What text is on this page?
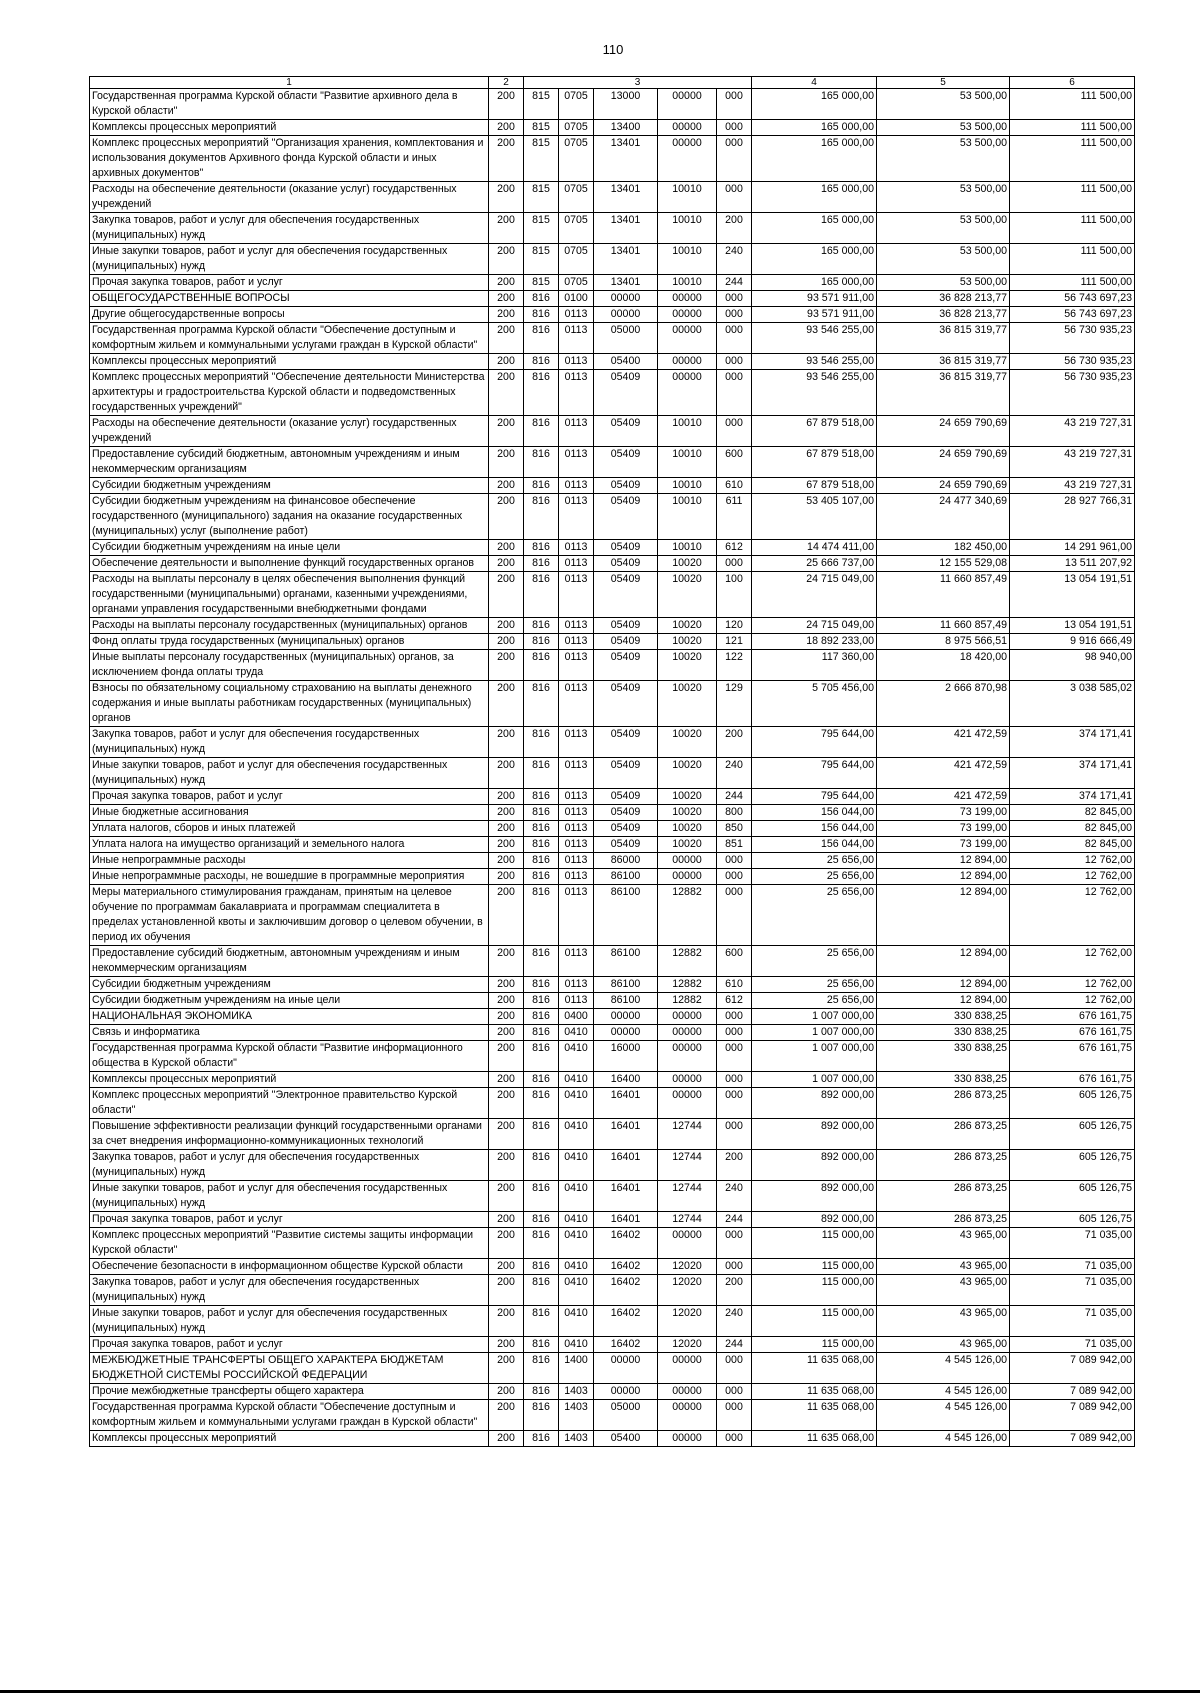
110
1	2	3					4	5	6
Государственная программа Курской области "Развитие архивного дела в Курской области"	200	815	0705	13000	00000	000	165 000,00	53 500,00	111 500,00
Комплексы процессных мероприятий	200	815	0705	13400	00000	000	165 000,00	53 500,00	111 500,00
Комплекс процессных мероприятий "Организация хранения, комплектования и использования документов Архивного фонда Курской области и иных архивных документов"	200	815	0705	13401	00000	000	165 000,00	53 500,00	111 500,00
Расходы на обеспечение деятельности (оказание услуг) государственных учреждений	200	815	0705	13401	10010	000	165 000,00	53 500,00	111 500,00
Закупка товаров, работ и услуг для обеспечения государственных (муниципальных) нужд	200	815	0705	13401	10010	200	165 000,00	53 500,00	111 500,00
Иные закупки товаров, работ и услуг для обеспечения государственных (муниципальных) нужд	200	815	0705	13401	10010	240	165 000,00	53 500,00	111 500,00
Прочая закупка товаров, работ и услуг	200	815	0705	13401	10010	244	165 000,00	53 500,00	111 500,00
ОБЩЕГОСУДАРСТВЕННЫЕ ВОПРОСЫ	200	816	0100	00000	00000	000	93 571 911,00	36 828 213,77	56 743 697,23
Другие общегосударственные вопросы	200	816	0113	00000	00000	000	93 571 911,00	36 828 213,77	56 743 697,23
Государственная программа Курской области "Обеспечение доступным и комфортным жильем и коммунальными услугами граждан в Курской области"	200	816	0113	05000	00000	000	93 546 255,00	36 815 319,77	56 730 935,23
Комплексы процессных мероприятий	200	816	0113	05400	00000	000	93 546 255,00	36 815 319,77	56 730 935,23
Комплекс процессных мероприятий "Обеспечение деятельности Министерства архитектуры и градостроительства Курской области и подведомственных государственных учреждений"	200	816	0113	05409	00000	000	93 546 255,00	36 815 319,77	56 730 935,23
Расходы на обеспечение деятельности (оказание услуг) государственных учреждений	200	816	0113	05409	10010	000	67 879 518,00	24 659 790,69	43 219 727,31
Предоставление субсидий бюджетным, автономным учреждениям и иным некоммерческим организациям	200	816	0113	05409	10010	600	67 879 518,00	24 659 790,69	43 219 727,31
Субсидии бюджетным учреждениям	200	816	0113	05409	10010	610	67 879 518,00	24 659 790,69	43 219 727,31
Субсидии бюджетным учреждениям на финансовое обеспечение государственного (муниципального) задания на оказание государственных (муниципальных) услуг (выполнение работ)	200	816	0113	05409	10010	611	53 405 107,00	24 477 340,69	28 927 766,31
Субсидии бюджетным учреждениям на иные цели	200	816	0113	05409	10010	612	14 474 411,00	182 450,00	14 291 961,00
Обеспечение деятельности и выполнение функций государственных органов	200	816	0113	05409	10020	000	25 666 737,00	12 155 529,08	13 511 207,92
Расходы на выплаты персоналу в целях обеспечения выполнения функций государственными (муниципальными) органами, казенными учреждениями, органами управления государственными внебюджетными фондами	200	816	0113	05409	10020	100	24 715 049,00	11 660 857,49	13 054 191,51
Расходы на выплаты персоналу государственных (муниципальных) органов	200	816	0113	05409	10020	120	24 715 049,00	11 660 857,49	13 054 191,51
Фонд оплаты труда государственных (муниципальных) органов	200	816	0113	05409	10020	121	18 892 233,00	8 975 566,51	9 916 666,49
Иные выплаты персоналу государственных (муниципальных) органов, за исключением фонда оплаты труда	200	816	0113	05409	10020	122	117 360,00	18 420,00	98 940,00
Взносы по обязательному социальному страхованию на выплаты денежного содержания и иные выплаты работникам государственных (муниципальных) органов	200	816	0113	05409	10020	129	5 705 456,00	2 666 870,98	3 038 585,02
Закупка товаров, работ и услуг для обеспечения государственных (муниципальных) нужд	200	816	0113	05409	10020	200	795 644,00	421 472,59	374 171,41
Иные закупки товаров, работ и услуг для обеспечения государственных (муниципальных) нужд	200	816	0113	05409	10020	240	795 644,00	421 472,59	374 171,41
Прочая закупка товаров, работ и услуг	200	816	0113	05409	10020	244	795 644,00	421 472,59	374 171,41
Иные бюджетные ассигнования	200	816	0113	05409	10020	800	156 044,00	73 199,00	82 845,00
Уплата налогов, сборов и иных платежей	200	816	0113	05409	10020	850	156 044,00	73 199,00	82 845,00
Уплата налога на имущество организаций и земельного налога	200	816	0113	05409	10020	851	156 044,00	73 199,00	82 845,00
Иные непрограммные расходы	200	816	0113	86000	00000	000	25 656,00	12 894,00	12 762,00
Иные непрограммные расходы, не вошедшие в программные мероприятия	200	816	0113	86100	00000	000	25 656,00	12 894,00	12 762,00
Меры материального стимулирования гражданам, принятым на целевое обучение по программам бакалавриата и программам специалитета в пределах установленной квоты и заключившим договор о целевом обучении, в период их обучения	200	816	0113	86100	12882	000	25 656,00	12 894,00	12 762,00
Предоставление субсидий бюджетным, автономным учреждениям и иным некоммерческим организациям	200	816	0113	86100	12882	600	25 656,00	12 894,00	12 762,00
Субсидии бюджетным учреждениям	200	816	0113	86100	12882	610	25 656,00	12 894,00	12 762,00
Субсидии бюджетным учреждениям на иные цели	200	816	0113	86100	12882	612	25 656,00	12 894,00	12 762,00
НАЦИОНАЛЬНАЯ ЭКОНОМИКА	200	816	0400	00000	00000	000	1 007 000,00	330 838,25	676 161,75
Связь и информатика	200	816	0410	00000	00000	000	1 007 000,00	330 838,25	676 161,75
Государственная программа Курской области "Развитие информационного общества в Курской области"	200	816	0410	16000	00000	000	1 007 000,00	330 838,25	676 161,75
Комплексы процессных мероприятий	200	816	0410	16400	00000	000	1 007 000,00	330 838,25	676 161,75
Комплекс процессных мероприятий "Электронное правительство Курской области"	200	816	0410	16401	00000	000	892 000,00	286 873,25	605 126,75
Повышение эффективности реализации функций государственными органами за счет внедрения информационно-коммуникационных технологий	200	816	0410	16401	12744	000	892 000,00	286 873,25	605 126,75
Закупка товаров, работ и услуг для обеспечения государственных (муниципальных) нужд	200	816	0410	16401	12744	200	892 000,00	286 873,25	605 126,75
Иные закупки товаров, работ и услуг для обеспечения государственных (муниципальных) нужд	200	816	0410	16401	12744	240	892 000,00	286 873,25	605 126,75
Прочая закупка товаров, работ и услуг	200	816	0410	16401	12744	244	892 000,00	286 873,25	605 126,75
Комплекс процессных мероприятий "Развитие системы защиты информации Курской области"	200	816	0410	16402	00000	000	115 000,00	43 965,00	71 035,00
Обеспечение безопасности в информационном обществе Курской области	200	816	0410	16402	12020	000	115 000,00	43 965,00	71 035,00
Закупка товаров, работ и услуг для обеспечения государственных (муниципальных) нужд	200	816	0410	16402	12020	200	115 000,00	43 965,00	71 035,00
Иные закупки товаров, работ и услуг для обеспечения государственных (муниципальных) нужд	200	816	0410	16402	12020	240	115 000,00	43 965,00	71 035,00
Прочая закупка товаров, работ и услуг	200	816	0410	16402	12020	244	115 000,00	43 965,00	71 035,00
МЕЖБЮДЖЕТНЫЕ ТРАНСФЕРТЫ ОБЩЕГО ХАРАКТЕРА БЮДЖЕТАМ БЮДЖЕТНОЙ СИСТЕМЫ РОССИЙСКОЙ ФЕДЕРАЦИИ	200	816	1400	00000	00000	000	11 635 068,00	4 545 126,00	7 089 942,00
Прочие межбюджетные трансферты общего характера	200	816	1403	00000	00000	000	11 635 068,00	4 545 126,00	7 089 942,00
Государственная программа Курской области "Обеспечение доступным и комфортным жильем и коммунальными услугами граждан в Курской области"	200	816	1403	05000	00000	000	11 635 068,00	4 545 126,00	7 089 942,00
Комплексы процессных мероприятий	200	816	1403	05400	00000	000	11 635 068,00	4 545 126,00	7 089 942,00
